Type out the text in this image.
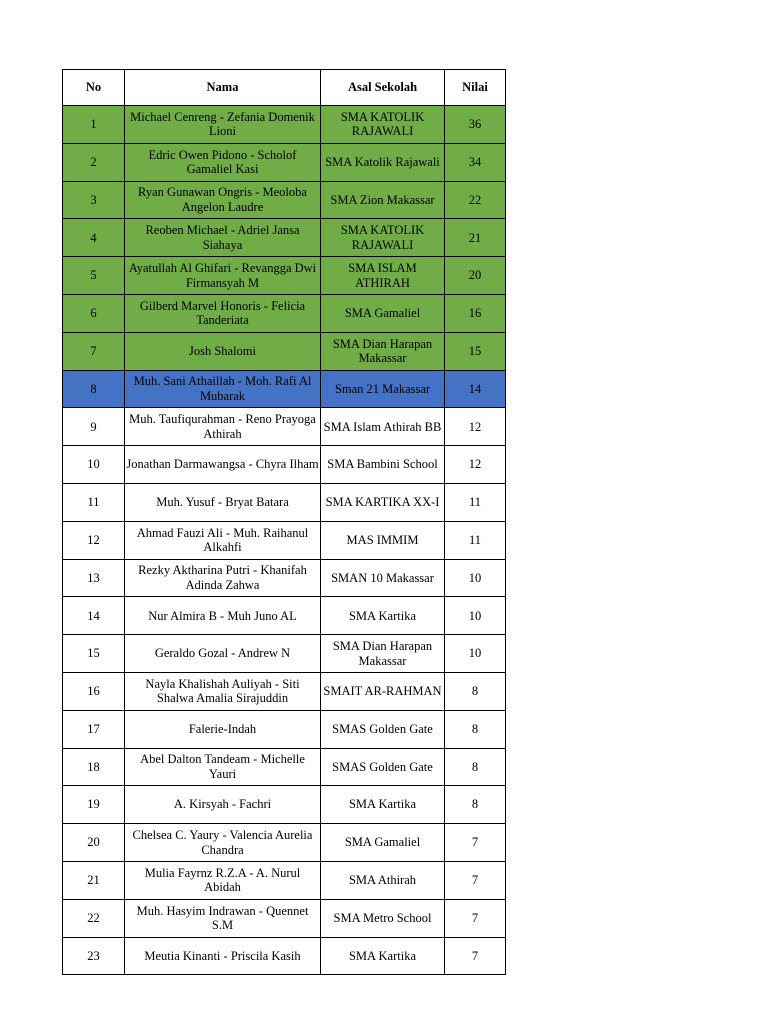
No	Nama	Asal Sekolah	Nilai
1	Michael Cenreng - Zefania Domenik Lioni	SMA KATOLIK RAJAWALI	36
2	Edric Owen Pidono - Scholof Gamaliel Kasi	SMA Katolik Rajawali	34
3	Ryan Gunawan Ongris - Meoloba Angelon Laudre	SMA Zion Makassar	22
4	Reoben Michael - Adriel Jansa Siahaya	SMA KATOLIK RAJAWALI	21
5	Ayatullah Al Ghifari - Revangga Dwi Firmansyah M	SMA ISLAM ATHIRAH	20
6	Gilberd Marvel Honoris - Felicia Tanderiata	SMA Gamaliel	16
7	Josh Shalomi	SMA Dian Harapan Makassar	15
8	Muh. Sani Athaillah - Moh. Rafi Al Mubarak	Sman 21 Makassar	14
9	Muh. Taufiqurahman - Reno Prayoga Athirah	SMA Islam Athirah BB	12
10	Jonathan Darmawangsa - Chyra Ilham	SMA Bambini School	12
11	Muh. Yusuf - Bryat Batara	SMA KARTIKA XX-I	11
12	Ahmad Fauzi Ali - Muh. Raihanul Alkahfi	MAS IMMIM	11
13	Rezky Aktharina Putri - Khanifah Adinda Zahwa	SMAN 10 Makassar	10
14	Nur Almira B - Muh Juno AL	SMA Kartika	10
15	Geraldo Gozal - Andrew N	SMA Dian Harapan Makassar	10
16	Nayla Khalishah Auliyah - Siti Shalwa Amalia Sirajuddin	SMAIT AR-RAHMAN	8
17	Falerie-Indah	SMAS Golden Gate	8
18	Abel Dalton Tandeam - Michelle Yauri	SMAS Golden Gate	8
19	A. Kirsyah - Fachri	SMA Kartika	8
20	Chelsea C. Yaury - Valencia Aurelia Chandra	SMA Gamaliel	7
21	Mulia Fayrnz R.Z.A - A. Nurul Abidah	SMA Athirah	7
22	Muh. Hasyim Indrawan - Quennet S.M	SMA Metro School	7
23	Meutia Kinanti - Priscila Kasih	SMA Kartika	7
